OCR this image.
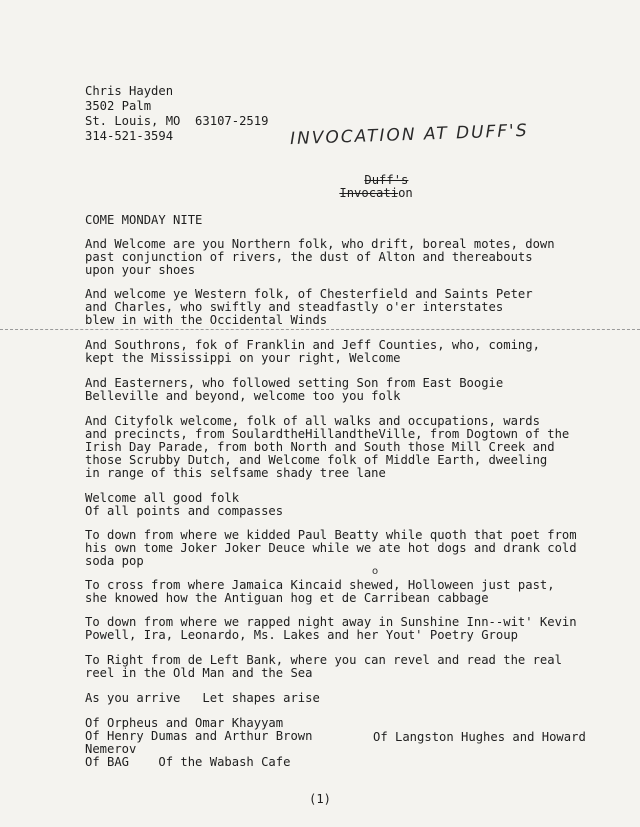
Chris Hayden
3502 Palm
St. Louis, MO  63107-2519
314-521-3594	INVOCATION AT DUFF'S

Duff's

Invocation

COME MONDAY NITE
And Welcome are you Northern folk, who drift, boreal motes, down
past conjunction of rivers, the dust of Alton and thereabouts
upon your shoes
And welcome ye Western folk, of Chesterfield and Saints Peter
and Charles, who swiftly and steadfastly o'er interstates
blew in with the Occidental Winds
And Southrons, fok of Franklin and Jeff Counties, who, coming,
kept the Mississippi on your right, Welcome
And Easterners, who followed setting Son from East Boogie
Belleville and beyond, welcome too you folk
And Cityfolk welcome, folk of all walks and occupations, wards
and precincts, from SoulardtheHillandtheVille, from Dogtown of the
Irish Day Parade, from both North and South those Mill Creek and
those Scrubby Dutch, and Welcome folk of Middle Earth, dweeling
in range of this selfsame shady tree lane
Welcome all good folk
Of all points and compasses
To down from where we kidded Paul Beatty while quoth that poet from
his own tome Joker Joker Deuce while we ate hot dogs and drank cold
soda pop
o
To cross from where Jamaica Kincaid shewed, Holloween just past,
she knowed how the Antiguan hog et de Carribean cabbage
To down from where we rapped night away in Sunshine Inn--wit' Kevin
Powell, Ira, Leonardo, Ms. Lakes and her Yout' Poetry Group
To Right from de Left Bank, where you can revel and read the real
reel in the Old Man and the Sea
As you arrive   Let shapes arise
Of Orpheus and Omar Khayyam
Of Henry Dumas and Arthur Brown	Of Langston Hughes and Howard
Nemerov
Of BAG    Of the Wabash Cafe
(1)
